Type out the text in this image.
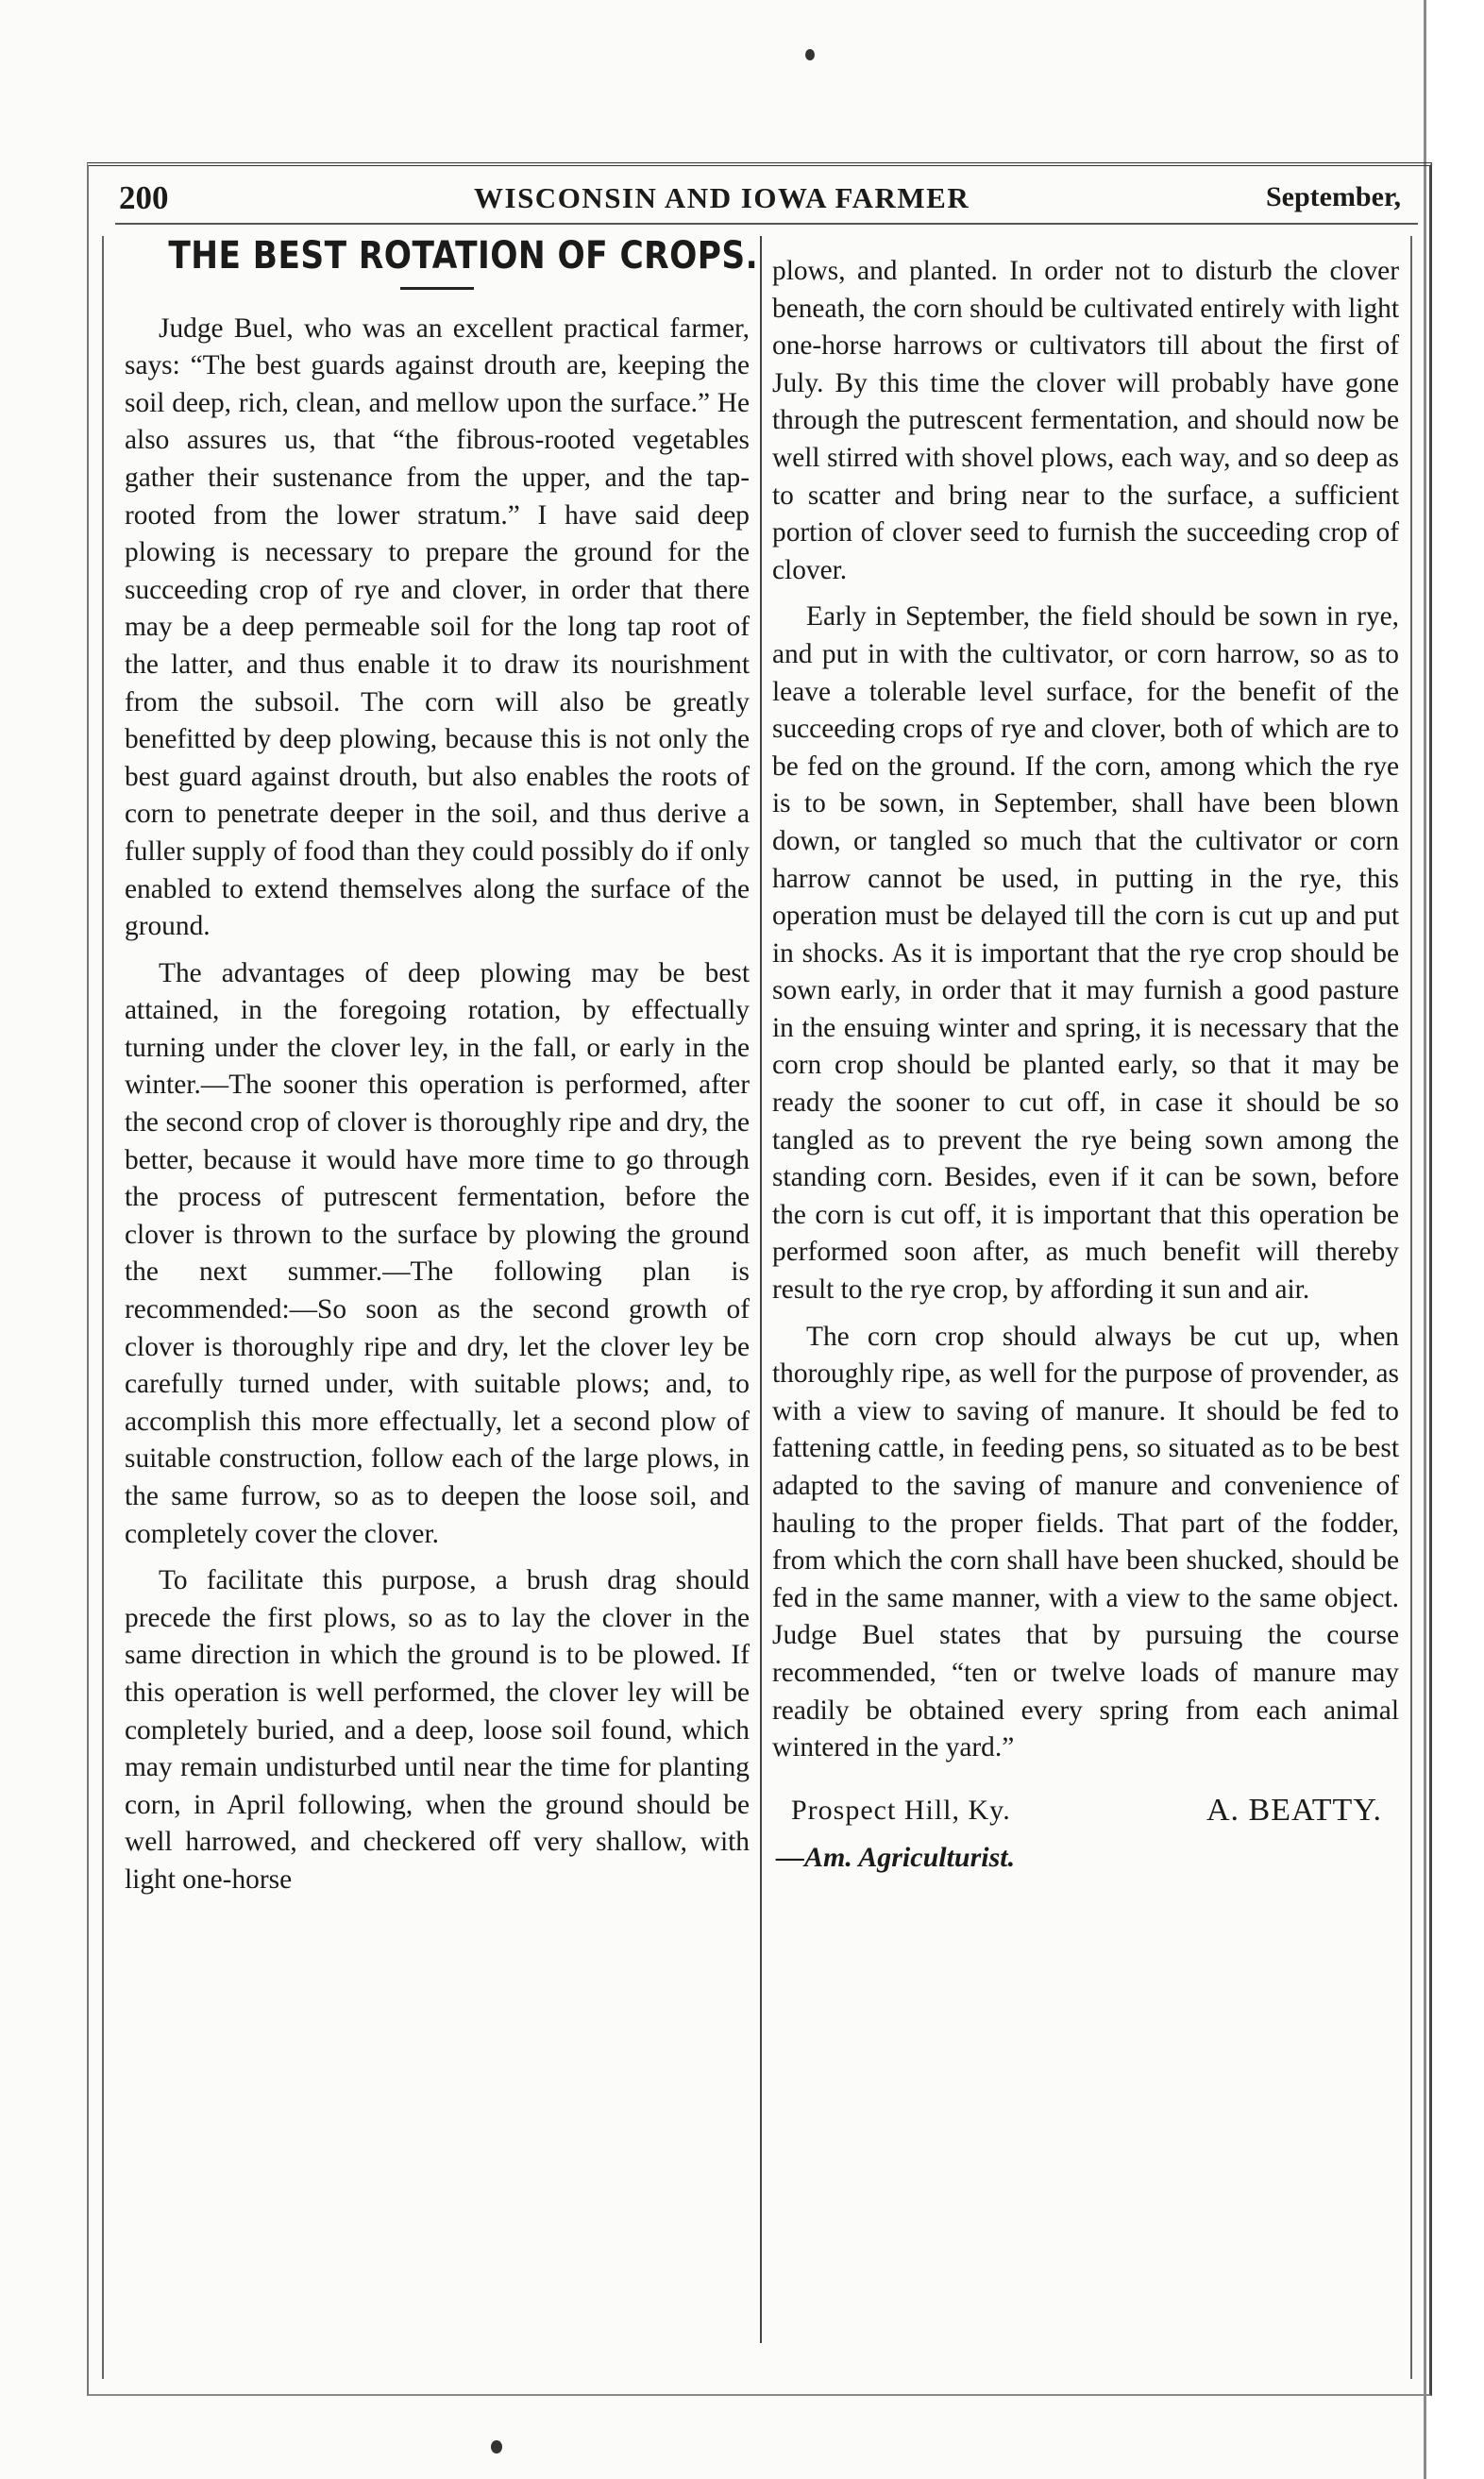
200	WISCONSIN AND IOWA FARMER	September,
THE BEST ROTATION OF CROPS.

Judge Buel, who was an excellent practical farmer, says: “The best guards against drouth are, keeping the soil deep, rich, clean, and mellow upon the surface.” He also assures us, that “the fibrous-rooted vegetables gather their sustenance from the upper, and the tap-rooted from the lower stratum.” I have said deep plowing is necessary to prepare the ground for the succeeding crop of rye and clover, in order that there may be a deep permeable soil for the long tap root of the latter, and thus enable it to draw its nourishment from the subsoil. The corn will also be greatly benefitted by deep plowing, because this is not only the best guard against drouth, but also enables the roots of corn to penetrate deeper in the soil, and thus derive a fuller supply of food than they could possibly do if only enabled to extend themselves along the surface of the ground.

The advantages of deep plowing may be best attained, in the foregoing rotation, by effectually turning under the clover ley, in the fall, or early in the winter.—The sooner this operation is performed, after the second crop of clover is thoroughly ripe and dry, the better, because it would have more time to go through the process of putrescent fermentation, before the clover is thrown to the surface by plowing the ground the next summer.—The following plan is recommended:—So soon as the second growth of clover is thoroughly ripe and dry, let the clover ley be carefully turned under, with suitable plows; and, to accomplish this more effectually, let a second plow of suitable construction, follow each of the large plows, in the same furrow, so as to deepen the loose soil, and completely cover the clover.

To facilitate this purpose, a brush drag should precede the first plows, so as to lay the clover in the same direction in which the ground is to be plowed. If this operation is well performed, the clover ley will be completely buried, and a deep, loose soil found, which may remain undisturbed until near the time for planting corn, in April following, when the ground should be well harrowed, and checkered off very shallow, with light one-horse

plows, and planted. In order not to disturb the clover beneath, the corn should be cultivated entirely with light one-horse harrows or cultivators till about the first of July. By this time the clover will probably have gone through the putrescent fermentation, and should now be well stirred with shovel plows, each way, and so deep as to scatter and bring near to the surface, a sufficient portion of clover seed to furnish the succeeding crop of clover.

Early in September, the field should be sown in rye, and put in with the cultivator, or corn harrow, so as to leave a tolerable level surface, for the benefit of the succeeding crops of rye and clover, both of which are to be fed on the ground. If the corn, among which the rye is to be sown, in September, shall have been blown down, or tangled so much that the cultivator or corn harrow cannot be used, in putting in the rye, this operation must be delayed till the corn is cut up and put in shocks. As it is important that the rye crop should be sown early, in order that it may furnish a good pasture in the ensuing winter and spring, it is necessary that the corn crop should be planted early, so that it may be ready the sooner to cut off, in case it should be so tangled as to prevent the rye being sown among the standing corn. Besides, even if it can be sown, before the corn is cut off, it is important that this operation be performed soon after, as much benefit will thereby result to the rye crop, by affording it sun and air.

The corn crop should always be cut up, when thoroughly ripe, as well for the purpose of provender, as with a view to saving of manure. It should be fed to fattening cattle, in feeding pens, so situated as to be best adapted to the saving of manure and convenience of hauling to the proper fields. That part of the fodder, from which the corn shall have been shucked, should be fed in the same manner, with a view to the same object. Judge Buel states that by pursuing the course recommended, “ten or twelve loads of manure may readily be obtained every spring from each animal wintered in the yard.”

Prospect Hill, Ky.	A. BEATTY.
—Am. Agriculturist.
